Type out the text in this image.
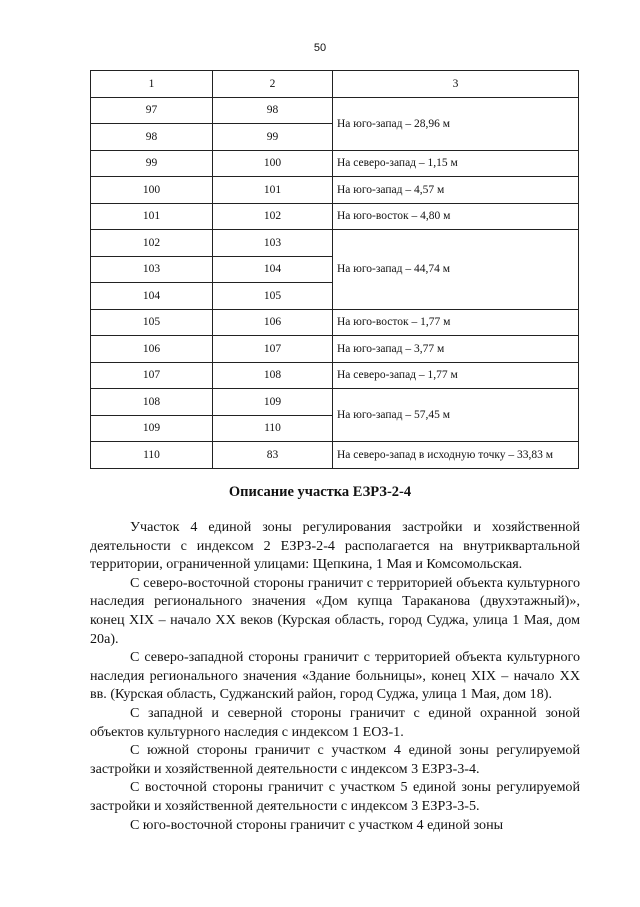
50
1	2	3
97	98	На юго-запад – 28,96 м
98	99	
99	100	На северо-запад – 1,15 м
100	101	На юго-запад – 4,57 м
101	102	На юго-восток – 4,80 м
102	103	На юго-запад – 44,74 м
103	104	
104	105	
105	106	На юго-восток – 1,77 м
106	107	На юго-запад – 3,77 м
107	108	На северо-запад – 1,77 м
108	109	На юго-запад – 57,45 м
109	110	
110	83	На северо-запад в исходную точку – 33,83 м
Описание участка ЕЗРЗ-2-4

Участок 4 единой зоны регулирования застройки и хозяйственной деятельности с индексом 2 ЕЗРЗ-2-4 располагается на внутриквартальной территории, ограниченной улицами: Щепкина, 1 Мая и Комсомольская.

С северо-восточной стороны граничит с территорией объекта культурного наследия регионального значения «Дом купца Тараканова (двухэтажный)», конец XIX – начало XX веков (Курская область, город Суджа, улица 1 Мая, дом 20а).

С северо-западной стороны граничит с территорией объекта культурного наследия регионального значения «Здание больницы», конец XIX – начало XX вв. (Курская область, Суджанский район, город Суджа, улица 1 Мая, дом 18).

С западной и северной стороны граничит с единой охранной зоной объектов культурного наследия с индексом 1 ЕОЗ-1.

С южной стороны граничит с участком 4 единой зоны регулируемой застройки и хозяйственной деятельности с индексом 3 ЕЗРЗ-3-4.

С восточной стороны граничит с участком 5 единой зоны регулируемой застройки и хозяйственной деятельности с индексом 3 ЕЗРЗ-3-5.

С юго-восточной стороны граничит с участком 4 единой зоны
